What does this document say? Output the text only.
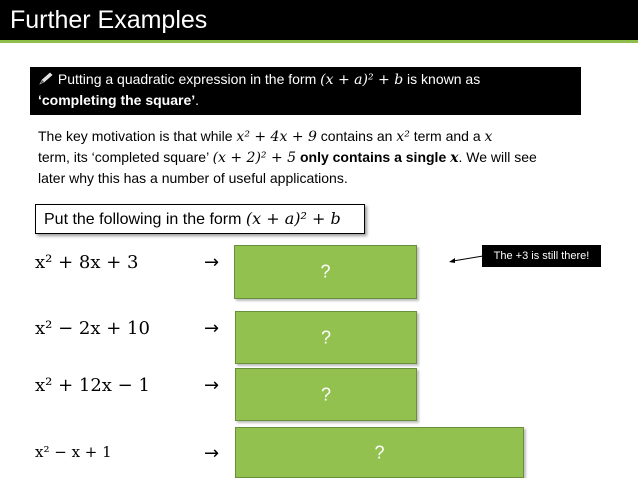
Further Examples
Putting a quadratic expression in the form (x + a)² + b is known as
‘completing the square’.
The key motivation is that while x² + 4x + 9 contains an x² term and a x
term, its ‘completed square’ (x + 2)² + 5 only contains a single x. We will see
later why this has a number of useful applications.
Put the following in the form (x + a)² + b
x² + 8x + 3	→	?
x² − 2x + 10	→	?
x² + 12x − 1	→	?
x² − x + 1	→	?
The +3 is still there!
